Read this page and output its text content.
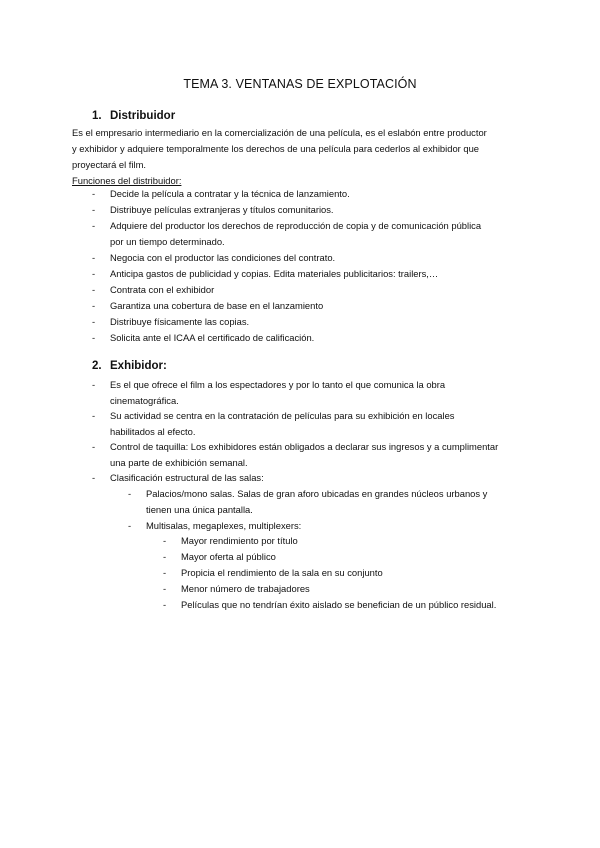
TEMA 3. VENTANAS DE EXPLOTACIÓN
1. Distribuidor
Es el empresario intermediario en la comercialización de una película, es el eslabón entre productor
y exhibidor y adquiere temporalmente los derechos de una película para cederlos al exhibidor que
proyectará el film.
Funciones del distribuidor:
- Decide la película a contratar y la técnica de lanzamiento.
- Distribuye películas extranjeras y títulos comunitarios.
- Adquiere del productor los derechos de reproducción de copia y de comunicación pública
por un tiempo determinado.
- Negocia con el productor las condiciones del contrato.
- Anticipa gastos de publicidad y copias. Edita materiales publicitarios: trailers,…
- Contrata con el exhibidor
- Garantiza una cobertura de base en el lanzamiento
- Distribuye físicamente las copias.
- Solicita ante el ICAA el certificado de calificación.
2. Exhibidor:
- Es el que ofrece el film a los espectadores y por lo tanto el que comunica la obra
cinematográfica.
- Su actividad se centra en la contratación de películas para su exhibición en locales
habilitados al efecto.
- Control de taquilla: Los exhibidores están obligados a declarar sus ingresos y a cumplimentar
una parte de exhibición semanal.
- Clasificación estructural de las salas:
- Palacios/mono salas. Salas de gran aforo ubicadas en grandes núcleos urbanos y
tienen una única pantalla.
- Multisalas, megaplexes, multiplexers:
- Mayor rendimiento por título
- Mayor oferta al público
- Propicia el rendimiento de la sala en su conjunto
- Menor número de trabajadores
- Películas que no tendrían éxito aislado se benefician de un público residual.
